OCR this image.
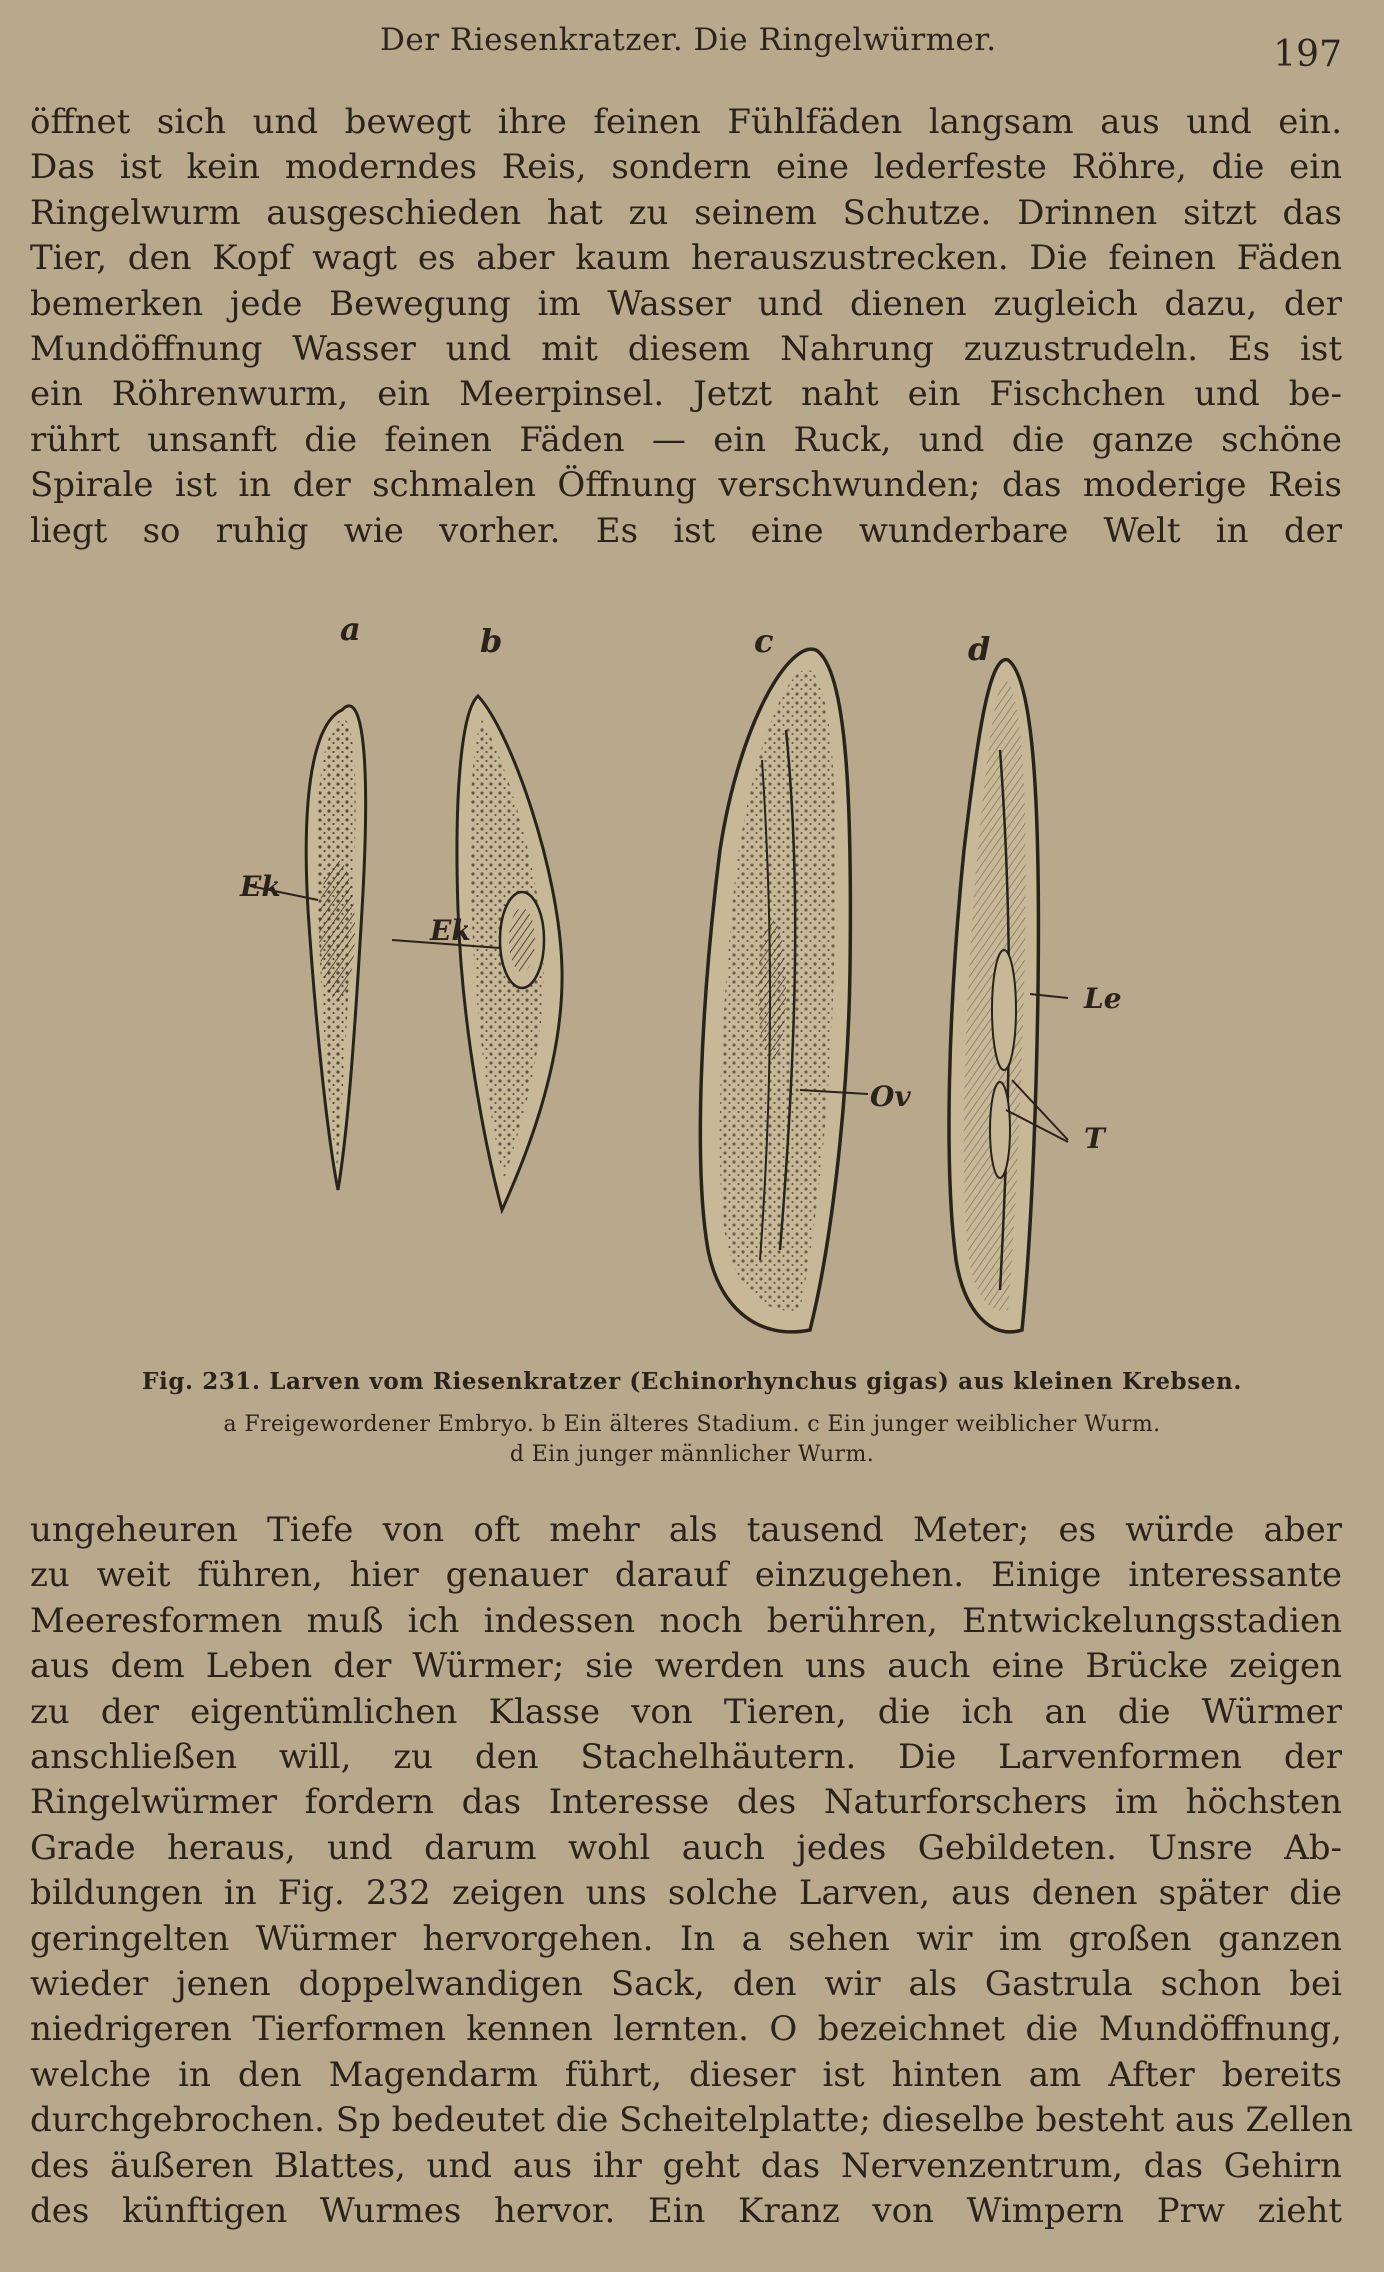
Der Riesenkratzer. Die Ringelwürmer.	197
öffnet sich und bewegt ihre feinen Fühlfäden langsam aus und ein.
Das ist kein moderndes Reis, sondern eine lederfeste Röhre, die ein
Ringelwurm ausgeschieden hat zu seinem Schutze. Drinnen sitzt das
Tier, den Kopf wagt es aber kaum herauszustrecken. Die feinen Fäden
bemerken jede Bewegung im Wasser und dienen zugleich dazu, der
Mundöffnung Wasser und mit diesem Nahrung zuzustrudeln. Es ist
ein Röhrenwurm, ein Meerpinsel. Jetzt naht ein Fischchen und be-
rührt unsanft die feinen Fäden — ein Ruck, und die ganze schöne
Spirale ist in der schmalen Öffnung verschwunden; das moderige Reis
liegt so ruhig wie vorher. Es ist eine wunderbare Welt in der
a	b	c	d
Ek
Ek
Ov
Le
T
Fig. 231. Larven vom Riesenkratzer (Echinorhynchus gigas) aus kleinen Krebsen.
a Freigewordener Embryo. b Ein älteres Stadium. c Ein junger weiblicher Wurm.
d Ein junger männlicher Wurm.
ungeheuren Tiefe von oft mehr als tausend Meter; es würde aber
zu weit führen, hier genauer darauf einzugehen. Einige interessante
Meeresformen muß ich indessen noch berühren, Entwickelungsstadien
aus dem Leben der Würmer; sie werden uns auch eine Brücke zeigen
zu der eigentümlichen Klasse von Tieren, die ich an die Würmer
anschließen will, zu den Stachelhäutern. Die Larvenformen der
Ringelwürmer fordern das Interesse des Naturforschers im höchsten
Grade heraus, und darum wohl auch jedes Gebildeten. Unsre Ab-
bildungen in Fig. 232 zeigen uns solche Larven, aus denen später die
geringelten Würmer hervorgehen. In a sehen wir im großen ganzen
wieder jenen doppelwandigen Sack, den wir als Gastrula schon bei
niedrigeren Tierformen kennen lernten. O bezeichnet die Mundöffnung,
welche in den Magendarm führt, dieser ist hinten am After bereits
durchgebrochen. Sp bedeutet die Scheitelplatte; dieselbe besteht aus Zellen
des äußeren Blattes, und aus ihr geht das Nervenzentrum, das Gehirn
des künftigen Wurmes hervor. Ein Kranz von Wimpern Prw zieht
